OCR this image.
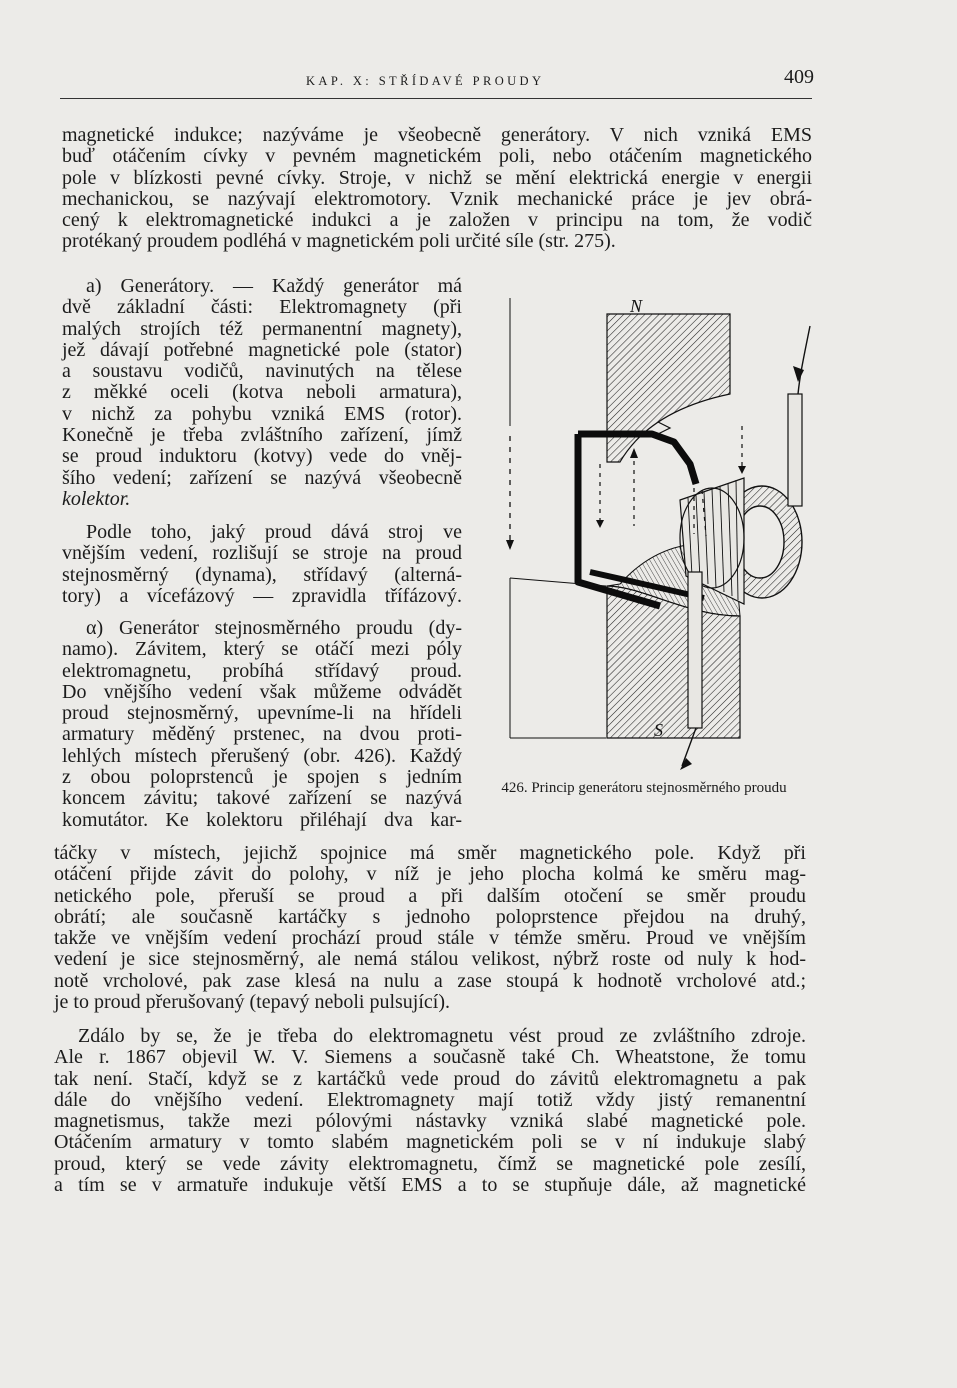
KAP. X: STŘÍDAVÉ PROUDY	409
magnetické indukce; nazýváme je všeobecně generátory. V nich vzniká EMS
buď otáčením cívky v pevném magnetickém poli, nebo otáčením magnetického
pole v blízkosti pevné cívky. Stroje, v nichž se mění elektrická energie v energii
mechanickou, se nazývají elektromotory. Vznik mechanické práce je jev obrá-
cený k elektromagnetické indukci a je založen v principu na tom, že vodič
protékaný proudem podléhá v magnetickém poli určité síle (str. 275).
a) Generátory. — Každý generátor má
dvě základní části: Elektromagnety (při
malých strojích též permanentní magnety),
jež dávají potřebné magnetické pole (stator)
a soustavu vodičů, navinutých na tělese
z měkké oceli (kotva neboli armatura),
v nichž za pohybu vzniká EMS (rotor).
Konečně je třeba zvláštního zařízení, jímž
se proud induktoru (kotvy) vede do vněj-
šího vedení; zařízení se nazývá všeobecně
kolektor.
Podle toho, jaký proud dává stroj ve
vnějším vedení, rozlišují se stroje na proud
stejnosměrný (dynama), střídavý (alterná-
tory) a vícefázový — zpravidla třífázový.
α) Generátor stejnosměrného proudu (dy-
namo). Závitem, který se otáčí mezi póly
elektromagnetu, probíhá střídavý proud.
Do vnějšího vedení však můžeme odvádět
proud stejnosměrný, upevníme-li na hřídeli
armatury měděný prstenec, na dvou proti-
lehlých místech přerušený (obr. 426). Každý
z obou poloprstenců je spojen s jedním
koncem závitu; takové zařízení se nazývá
komutátor. Ke kolektoru přiléhají dva kar-
táčky v místech, jejichž spojnice má směr magnetického pole. Když při
otáčení přijde závit do polohy, v níž je jeho plocha kolmá ke směru mag-
netického pole, přeruší se proud a při dalším otočení se směr proudu
obrátí; ale současně kartáčky s jednoho poloprstence přejdou na druhý,
takže ve vnějším vedení prochází proud stále v témže směru. Proud ve vnějším
vedení je sice stejnosměrný, ale nemá stálou velikost, nýbrž roste od nuly k hod-
notě vrcholové, pak zase klesá na nulu a zase stoupá k hodnotě vrcholové atd.;
je to proud přerušovaný (tepavý neboli pulsující).
Zdálo by se, že je třeba do elektromagnetu vést proud ze zvláštního zdroje.
Ale r. 1867 objevil W. V. Siemens a současně také Ch. Wheatstone, že tomu
tak není. Stačí, když se z kartáčků vede proud do závitů elektromagnetu a pak
dále do vnějšího vedení. Elektromagnety mají totiž vždy jistý remanentní
magnetismus, takže mezi pólovými nástavky vzniká slabé magnetické pole.
Otáčením armatury v tomto slabém magnetickém poli se v ní indukuje slabý
proud, který se vede závity elektromagnetu, čímž se magnetické pole zesílí,
a tím se v armatuře indukuje větší EMS a to se stupňuje dále, až magnetické
N
S
426. Princip generátoru stejnosměrného proudu
